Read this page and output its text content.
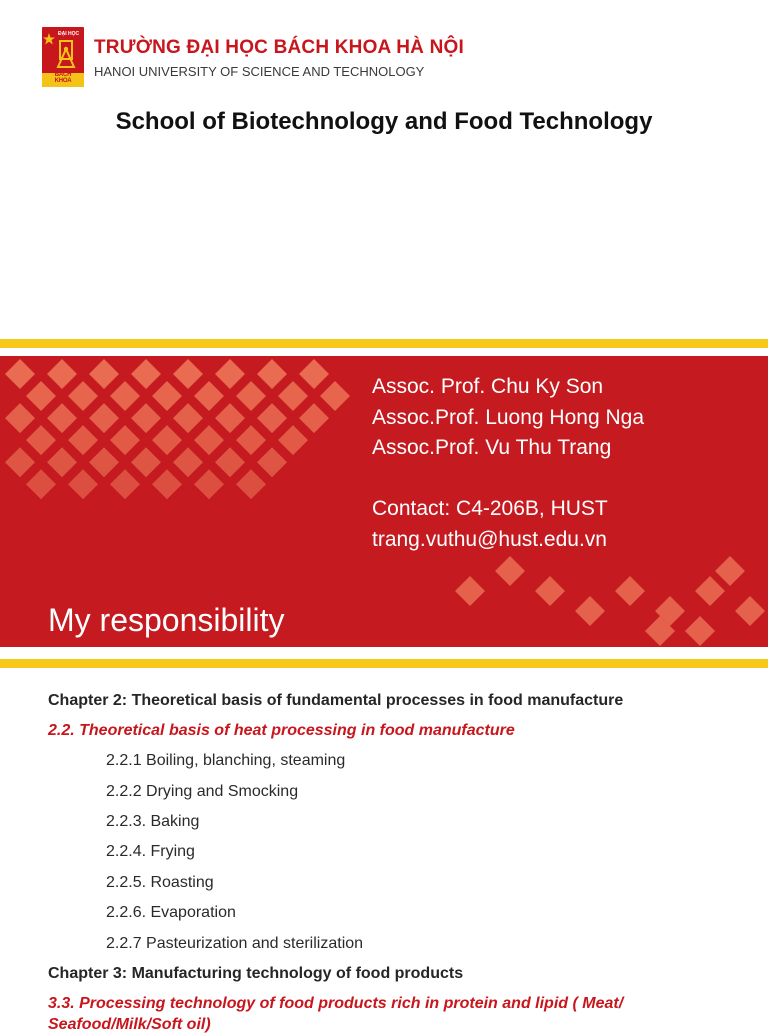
ĐẠI HỌC
BÁCH KHOA
TRƯỜNG ĐẠI HỌC BÁCH KHOA HÀ NỘI
HANOI UNIVERSITY OF SCIENCE AND TECHNOLOGY
School of Biotechnology and Food Technology
Assoc. Prof. Chu Ky Son
Assoc.Prof. Luong Hong Nga
Assoc.Prof. Vu Thu Trang
Contact: C4-206B, HUST
trang.vuthu@hust.edu.vn
My responsibility
Chapter 2: Theoretical basis of fundamental processes in food manufacture
2.2. Theoretical basis of heat processing in food manufacture
2.2.1 Boiling, blanching, steaming
2.2.2 Drying and Smocking
2.2.3. Baking
2.2.4. Frying
2.2.5. Roasting
2.2.6. Evaporation
2.2.7 Pasteurization and sterilization
Chapter 3: Manufacturing technology of food products
3.3. Processing technology of food products rich in protein and lipid ( Meat/
Seafood/Milk/Soft oil)
